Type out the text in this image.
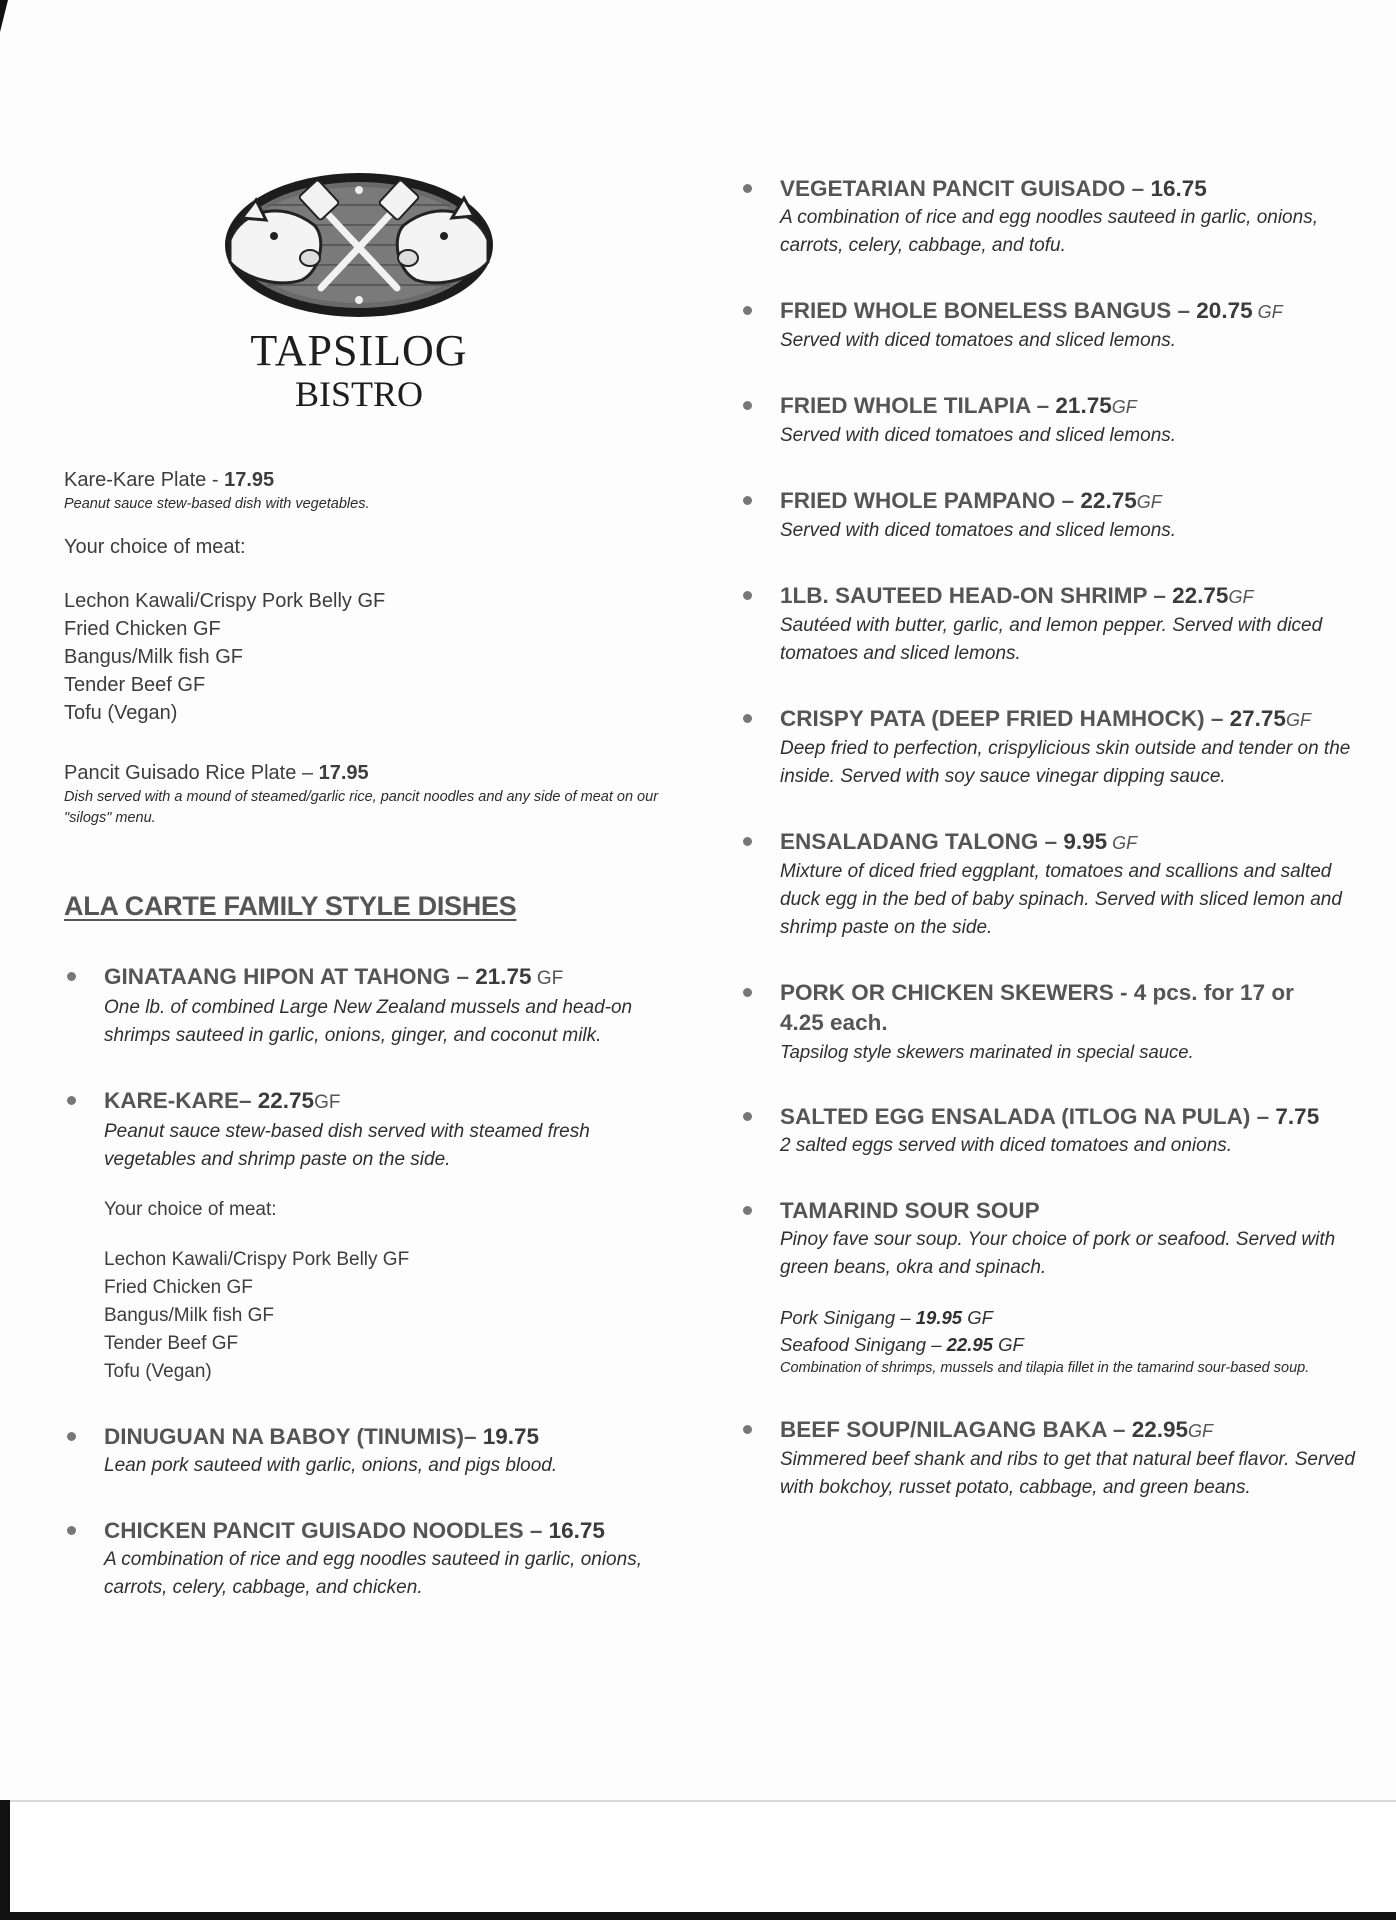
TAPSILOG
BISTRO
Kare-Kare Plate - 17.95
Peanut sauce stew-based dish with vegetables.
Your choice of meat:
Lechon Kawali/Crispy Pork Belly GF
Fried Chicken GF
Bangus/Milk fish GF
Tender Beef GF
Tofu (Vegan)
Pancit Guisado Rice Plate – 17.95
Dish served with a mound of steamed/garlic rice, pancit noodles and any side of meat on our "silogs" menu.
ALA CARTE FAMILY STYLE DISHES
GINATAANG HIPON AT TAHONG – 21.75 GF
One lb. of combined Large New Zealand mussels and head-on shrimps sauteed in garlic, onions, ginger, and coconut milk.
KARE-KARE– 22.75GF
Peanut sauce stew-based dish served with steamed fresh vegetables and shrimp paste on the side.
Your choice of meat:
Lechon Kawali/Crispy Pork Belly GF
Fried Chicken GF
Bangus/Milk fish GF
Tender Beef GF
Tofu (Vegan)
DINUGUAN NA BABOY (TINUMIS)– 19.75
Lean pork sauteed with garlic, onions, and pigs blood.
CHICKEN PANCIT GUISADO NOODLES – 16.75
A combination of rice and egg noodles sauteed in garlic, onions, carrots, celery, cabbage, and chicken.
VEGETARIAN PANCIT GUISADO – 16.75
A combination of rice and egg noodles sauteed in garlic, onions, carrots, celery, cabbage, and tofu.
FRIED WHOLE BONELESS BANGUS – 20.75 GF
Served with diced tomatoes and sliced lemons.
FRIED WHOLE TILAPIA – 21.75GF
Served with diced tomatoes and sliced lemons.
FRIED WHOLE PAMPANO – 22.75GF
Served with diced tomatoes and sliced lemons.
1LB. SAUTEED HEAD-ON SHRIMP – 22.75GF
Sautéed with butter, garlic, and lemon pepper. Served with diced tomatoes and sliced lemons.
CRISPY PATA (DEEP FRIED HAMHOCK) – 27.75GF
Deep fried to perfection, crispylicious skin outside and tender on the inside. Served with soy sauce vinegar dipping sauce.
ENSALADANG TALONG – 9.95 GF
Mixture of diced fried eggplant, tomatoes and scallions and salted duck egg in the bed of baby spinach. Served with sliced lemon and shrimp paste on the side.
PORK OR CHICKEN SKEWERS - 4 pcs. for 17 or 4.25 each.
Tapsilog style skewers marinated in special sauce.
SALTED EGG ENSALADA (ITLOG NA PULA) – 7.75
2 salted eggs served with diced tomatoes and onions.
TAMARIND SOUR SOUP
Pinoy fave sour soup. Your choice of pork or seafood. Served with green beans, okra and spinach.
Pork Sinigang – 19.95 GF
Seafood Sinigang – 22.95 GF
Combination of shrimps, mussels and tilapia fillet in the tamarind sour-based soup.
BEEF SOUP/NILAGANG BAKA – 22.95GF
Simmered beef shank and ribs to get that natural beef flavor. Served with bokchoy, russet potato, cabbage, and green beans.
